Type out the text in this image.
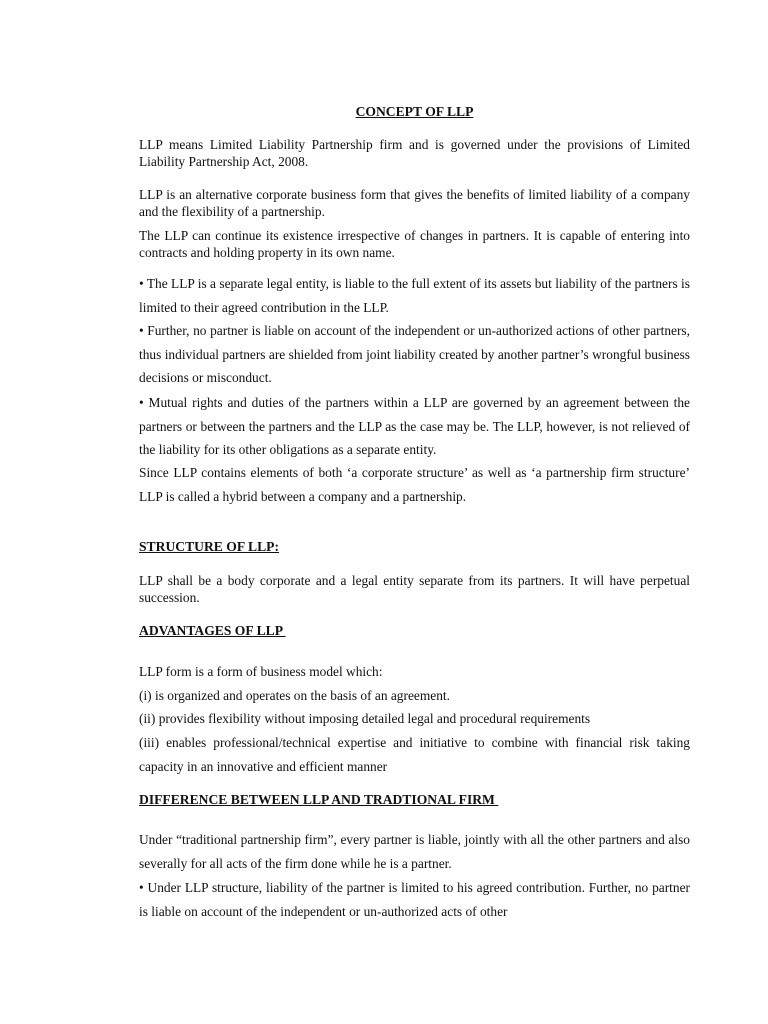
CONCEPT OF LLP

LLP means Limited Liability Partnership firm and is governed under the provisions of Limited Liability Partnership Act, 2008.

LLP is an alternative corporate business form that gives the benefits of limited liability of a company and the flexibility of a partnership.

The LLP can continue its existence irrespective of changes in partners. It is capable of entering into contracts and holding property in its own name.

• The LLP is a separate legal entity, is liable to the full extent of its assets but liability of the partners is limited to their agreed contribution in the LLP.

• Further, no partner is liable on account of the independent or un-authorized actions of other partners, thus individual partners are shielded from joint liability created by another partner’s wrongful business decisions or misconduct.

• Mutual rights and duties of the partners within a LLP are governed by an agreement between the partners or between the partners and the LLP as the case may be. The LLP, however, is not relieved of the liability for its other obligations as a separate entity.

Since LLP contains elements of both ‘a corporate structure’ as well as ‘a partnership firm structure’ LLP is called a hybrid between a company and a partnership.

STRUCTURE OF LLP:

LLP shall be a body corporate and a legal entity separate from its partners. It will have perpetual succession.

ADVANTAGES OF LLP

LLP form is a form of business model which:

(i) is organized and operates on the basis of an agreement.

(ii) provides flexibility without imposing detailed legal and procedural requirements

(iii) enables professional/technical expertise and initiative to combine with financial risk taking capacity in an innovative and efficient manner

DIFFERENCE BETWEEN LLP AND TRADTIONAL FIRM

Under “traditional partnership firm”, every partner is liable, jointly with all the other partners and also severally for all acts of the firm done while he is a partner.

• Under LLP structure, liability of the partner is limited to his agreed contribution. Further, no partner is liable on account of the independent or un-authorized acts of other
